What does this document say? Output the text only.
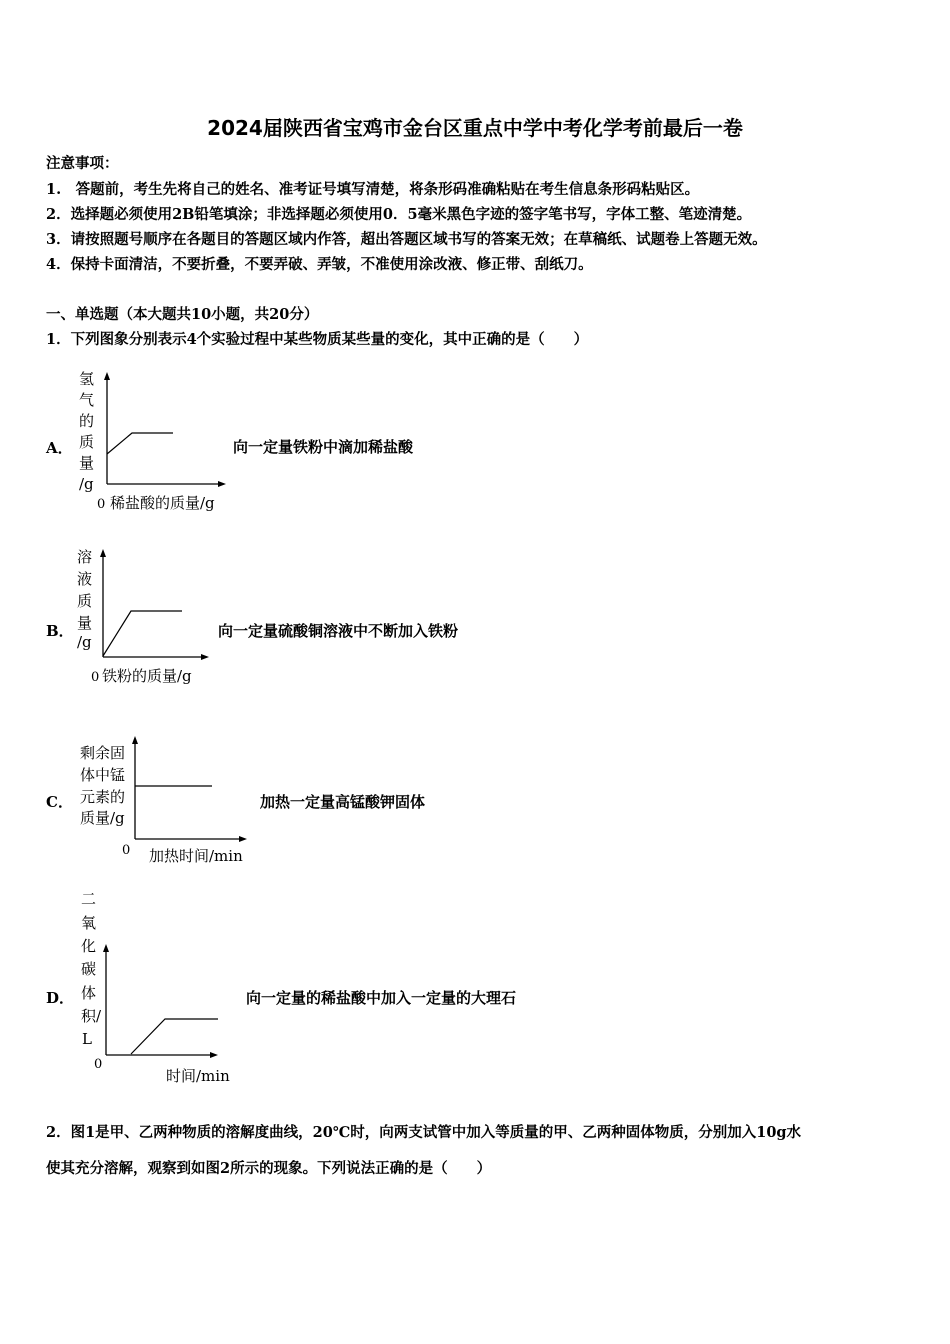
2024届陕西省宝鸡市金台区重点中学中考化学考前最后一卷
注意事项：
1.　答题前，考生先将自己的姓名、准考证号填写清楚，将条形码准确粘贴在考生信息条形码粘贴区。
2．选择题必须使用2B铅笔填涂；非选择题必须使用0．5毫米黑色字迹的签字笔书写，字体工整、笔迹清楚。
3．请按照题号顺序在各题目的答题区域内作答，超出答题区域书写的答案无效；在草稿纸、试题卷上答题无效。
4．保持卡面清洁，不要折叠，不要弄破、弄皱，不准使用涂改液、修正带、刮纸刀。
一、单选题（本大题共10小题，共20分）
1．下列图象分别表示4个实验过程中某些物质某些量的变化，其中正确的是（　　）
A．
氢
气
的
质
量
/g
0 稀盐酸的质量/g
向一定量铁粉中滴加稀盐酸
B．
溶
液
质
量
/g
0 铁粉的质量/g
向一定量硫酸铜溶液中不断加入铁粉
C．
剩余固
体中锰
元素的
质量/g
0 加热时间/min
加热一定量高锰酸钾固体
D．
二
氧
化
碳
体
积 /
L
0
时间/min
向一定量的稀盐酸中加入一定量的大理石
2．图1是甲、乙两种物质的溶解度曲线，20℃时，向两支试管中加入等质量的甲、乙两种固体物质，分别加入10g水
使其充分溶解，观察到如图2所示的现象。下列说法正确的是（　　）
